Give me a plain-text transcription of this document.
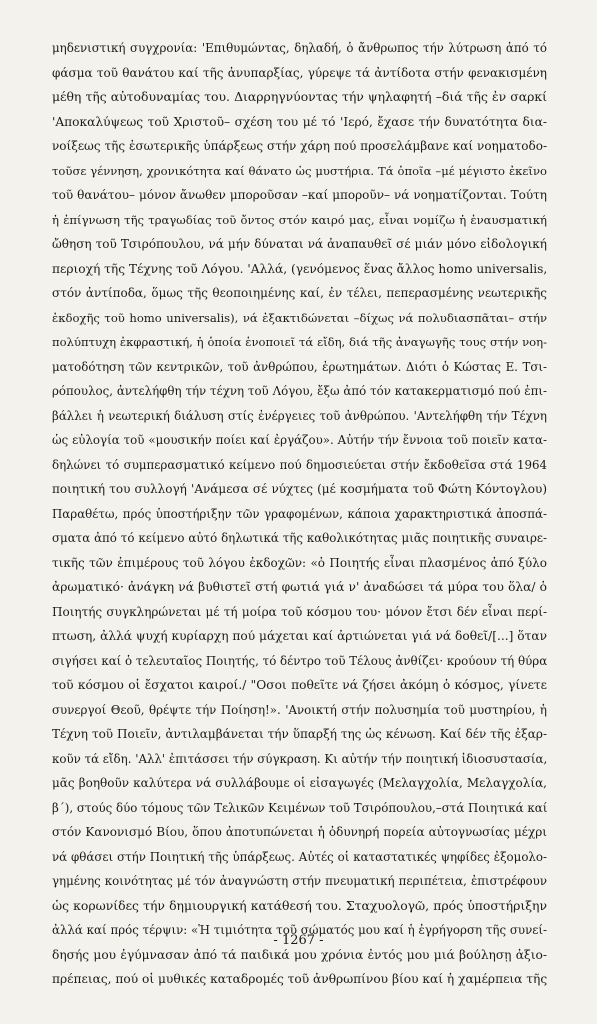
μηδενιστική συγχρονία: 'Επιθυμώντας, δηλαδή, ὁ ἄνθρωπος τήν λύτρωση ἀπό τό
φάσμα τοῦ θανάτου καί τῆς ἀνυπαρξίας, γύρεψε τά ἀντίδοτα στήν φενακισμένη
μέθη τῆς αὐτοδυναμίας του. Διαρρηγνύοντας τήν ψηλαφητή –διά τῆς ἐν σαρκί
'Αποκαλύψεως τοῦ Χριστοῦ– σχέση του μέ τό 'Ιερό, ἔχασε τήν δυνατότητα δια-
νοίξεως τῆς ἐσωτερικῆς ὑπάρξεως στήν χάρη πού προσελάμβανε καί νοηματοδο-
τοῦσε γέννηση, χρονικότητα καί θάνατο ὡς μυστήρια. Τά ὁποῖα –μέ μέγιστο ἐκεῖνο
τοῦ θανάτου– μόνον ἄνωθεν μποροῦσαν –καί μποροῦν– νά νοηματίζονται. Τούτη
ἡ ἐπίγνωση τῆς τραγωδίας τοῦ ὄντος στόν καιρό μας, εἶναι νομίζω ἡ ἐναυσματική
ὤθηση τοῦ Τσιρόπουλου, νά μήν δύναται νά ἀναπαυθεῖ σέ μιάν μόνο εἰδολογική
περιοχή τῆς Τέχνης τοῦ Λόγου. 'Αλλά, (γενόμενος ἕνας ἄλλος homo universalis,
στόν ἀντίποδα, ὅμως τῆς θεοποιημένης καί, ἐν τέλει, πεπερασμένης νεωτερικῆς
ἐκδοχῆς τοῦ homo universalis), νά ἐξακτιδώνεται –δίχως νά πολυδιασπᾶται– στήν
πολύπτυχη ἐκφραστική, ἡ ὁποία ἑνοποιεῖ τά εἴδη, διά τῆς ἀναγωγῆς τους στήν νοη-
ματοδότηση τῶν κεντρικῶν, τοῦ ἀνθρώπου, ἐρωτημάτων. Διότι ὁ Κώστας Ε. Τσι-
ρόπουλος, ἀντελήφθη τήν τέχνη τοῦ Λόγου, ἔξω ἀπό τόν κατακερματισμό πού ἐπι-
βάλλει ἡ νεωτερική διάλυση στίς ἐνέργειες τοῦ ἀνθρώπου. 'Αντελήφθη τήν Τέχνη
ὡς εὐλογία τοῦ «μουσικήν ποίει καί ἐργάζου». Αὐτήν τήν ἔννοια τοῦ ποιεῖν κατα-
δηλώνει τό συμπερασματικό κείμενο πού δημοσιεύεται στήν ἔκδοθεῖσα στά 1964
ποιητική του συλλογή 'Ανάμεσα σέ νύχτες (μέ κοσμήματα τοῦ Φώτη Κόντογλου)
Παραθέτω, πρός ὑποστήριξην τῶν γραφομένων, κάποια χαρακτηριστικά ἀποσπά-
σματα ἀπό τό κείμενο αὐτό δηλωτικά τῆς καθολικότητας μιᾶς ποιητικῆς συναιρε-
τικῆς τῶν ἐπιμέρους τοῦ λόγου ἐκδοχῶν: «ὁ Ποιητής εἶναι πλασμένος ἀπό ξύλο
ἀρωματικό· ἀνάγκη νά βυθιστεῖ στή φωτιά γιά ν' ἀναδώσει τά μύρα του ὅλα/ ὁ
Ποιητής συγκληρώνεται μέ τή μοίρα τοῦ κόσμου του· μόνον ἔτσι δέν εἶναι περί-
πτωση, ἀλλά ψυχή κυρίαρχη πού μάχεται καί ἀρτιώνεται γιά νά δοθεῖ/[...] ὅταν
σιγήσει καί ὁ τελευταῖος Ποιητής, τό δέντρο τοῦ Τέλους ἀνθίζει· κρούουν τή θύρα
τοῦ κόσμου οἱ ἔσχατοι καιροί./ "Οσοι ποθεῖτε νά ζήσει ἀκόμη ὁ κόσμος, γίνετε
συνεργοί Θεοῦ, θρέψτε τήν Ποίηση!». 'Ανοικτή στήν πολυσημία τοῦ μυστηρίου, ἡ
Τέχνη τοῦ Ποιεῖν, ἀντιλαμβάνεται τήν ὕπαρξή της ὡς κένωση. Καί δέν τῆς ἐξαρ-
κοῦν τά εἴδη. 'Αλλ' ἐπιτάσσει τήν σύγκραση. Κι αὐτήν τήν ποιητική ἰδιοσυστασία,
μᾶς βοηθοῦν καλύτερα νά συλλάβουμε οἱ εἰσαγωγές (Μελαγχολία, Μελαγχολία,
β΄), στούς δύο τόμους τῶν Τελικῶν Κειμένων τοῦ Τσιρόπουλου,–στά Ποιητικά καί
στόν Κανονισμό Βίου, ὅπου ἀποτυπώνεται ἡ ὀδυνηρή πορεία αὐτογνωσίας μέχρι
νά φθάσει στήν Ποιητική τῆς ὑπάρξεως. Αὐτές οἱ καταστατικές ψηφίδες ἐξομολο-
γημένης κοινότητας μέ τόν ἀναγνώστη στήν πνευματική περιπέτεια, ἐπιστρέφουν
ὡς κορωνίδες τήν δημιουργική κατάθεσή του. Σταχυολογῶ, πρός ὑποστήριξην
ἀλλά καί πρός τέρψιν: «Ἡ τιμιότητα τοῦ σώματός μου καί ἡ ἐγρήγορση τῆς συνεί-
δησής μου ἐγύμνασαν ἀπό τά παιδικά μου χρόνια ἐντός μου μιά βούλησῃ ἀξιο-
πρέπειας, πού οἱ μυθικές καταδρομές τοῦ ἀνθρωπίνου βίου καί ἡ χαμέρπεια τῆς
- 1267 -
